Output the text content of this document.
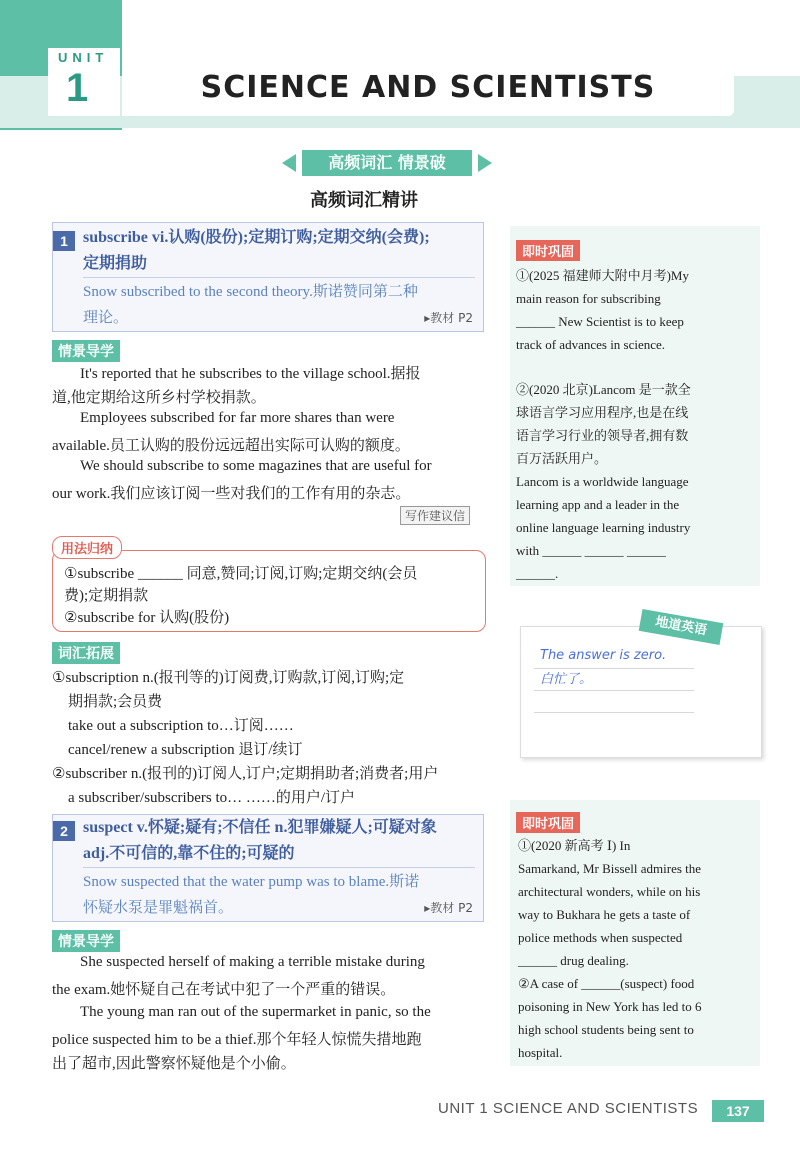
UNIT
1	SCIENCE AND SCIENTISTS
高频词汇 情景破
高频词汇精讲
1 subscribe vi.认购(股份);定期订购;定期交纳(会费);
定期捐助
Snow subscribed to the second theory.斯诺赞同第二种
理论。	▸教材 P2
情景导学
It's reported that he subscribes to the village school.据报
道,他定期给这所乡村学校捐款。
Employees subscribed for far more shares than were
available.员工认购的股份远远超出实际可认购的额度。
We should subscribe to some magazines that are useful for
our work.我们应该订阅一些对我们的工作有用的杂志。
写作建议信
用法归纳
①subscribe ______ 同意,赞同;订阅,订购;定期交纳(会员
费);定期捐款
②subscribe for 认购(股份)
词汇拓展
①subscription n.(报刊等的)订阅费,订购款,订阅,订购;定
期捐款;会员费
take out a subscription to…订阅……
cancel/renew a subscription 退订/续订
②subscriber n.(报刊的)订阅人,订户;定期捐助者;消费者;用户
a subscriber/subscribers to… ……的用户/订户
2 suspect v.怀疑;疑有;不信任 n.犯罪嫌疑人;可疑对象
adj.不可信的,靠不住的;可疑的
Snow suspected that the water pump was to blame.斯诺
怀疑水泵是罪魁祸首。	▸教材 P2
情景导学
She suspected herself of making a terrible mistake during
the exam.她怀疑自己在考试中犯了一个严重的错误。
The young man ran out of the supermarket in panic, so the
police suspected him to be a thief.那个年轻人惊慌失措地跑
出了超市,因此警察怀疑他是个小偷。
即时巩固
①(2025 福建师大附中月考)My
main reason for subscribing
______ New Scientist is to keep
track of advances in science.
②(2020 北京)Lancom 是一款全
球语言学习应用程序,也是在线
语言学习行业的领导者,拥有数
百万活跃用户。
Lancom is a worldwide language
learning app and a leader in the
online language learning industry
with ______ ______ ______
______.
地道英语
The answer is zero.
白忙了。
即时巩固
①(2020 新高考 Ⅰ) In
Samarkand, Mr Bissell admires the
architectural wonders, while on his
way to Bukhara he gets a taste of
police methods when suspected
______ drug dealing.
②A case of ______(suspect) food
poisoning in New York has led to 6
high school students being sent to
hospital.
UNIT 1 SCIENCE AND SCIENTISTS	137
